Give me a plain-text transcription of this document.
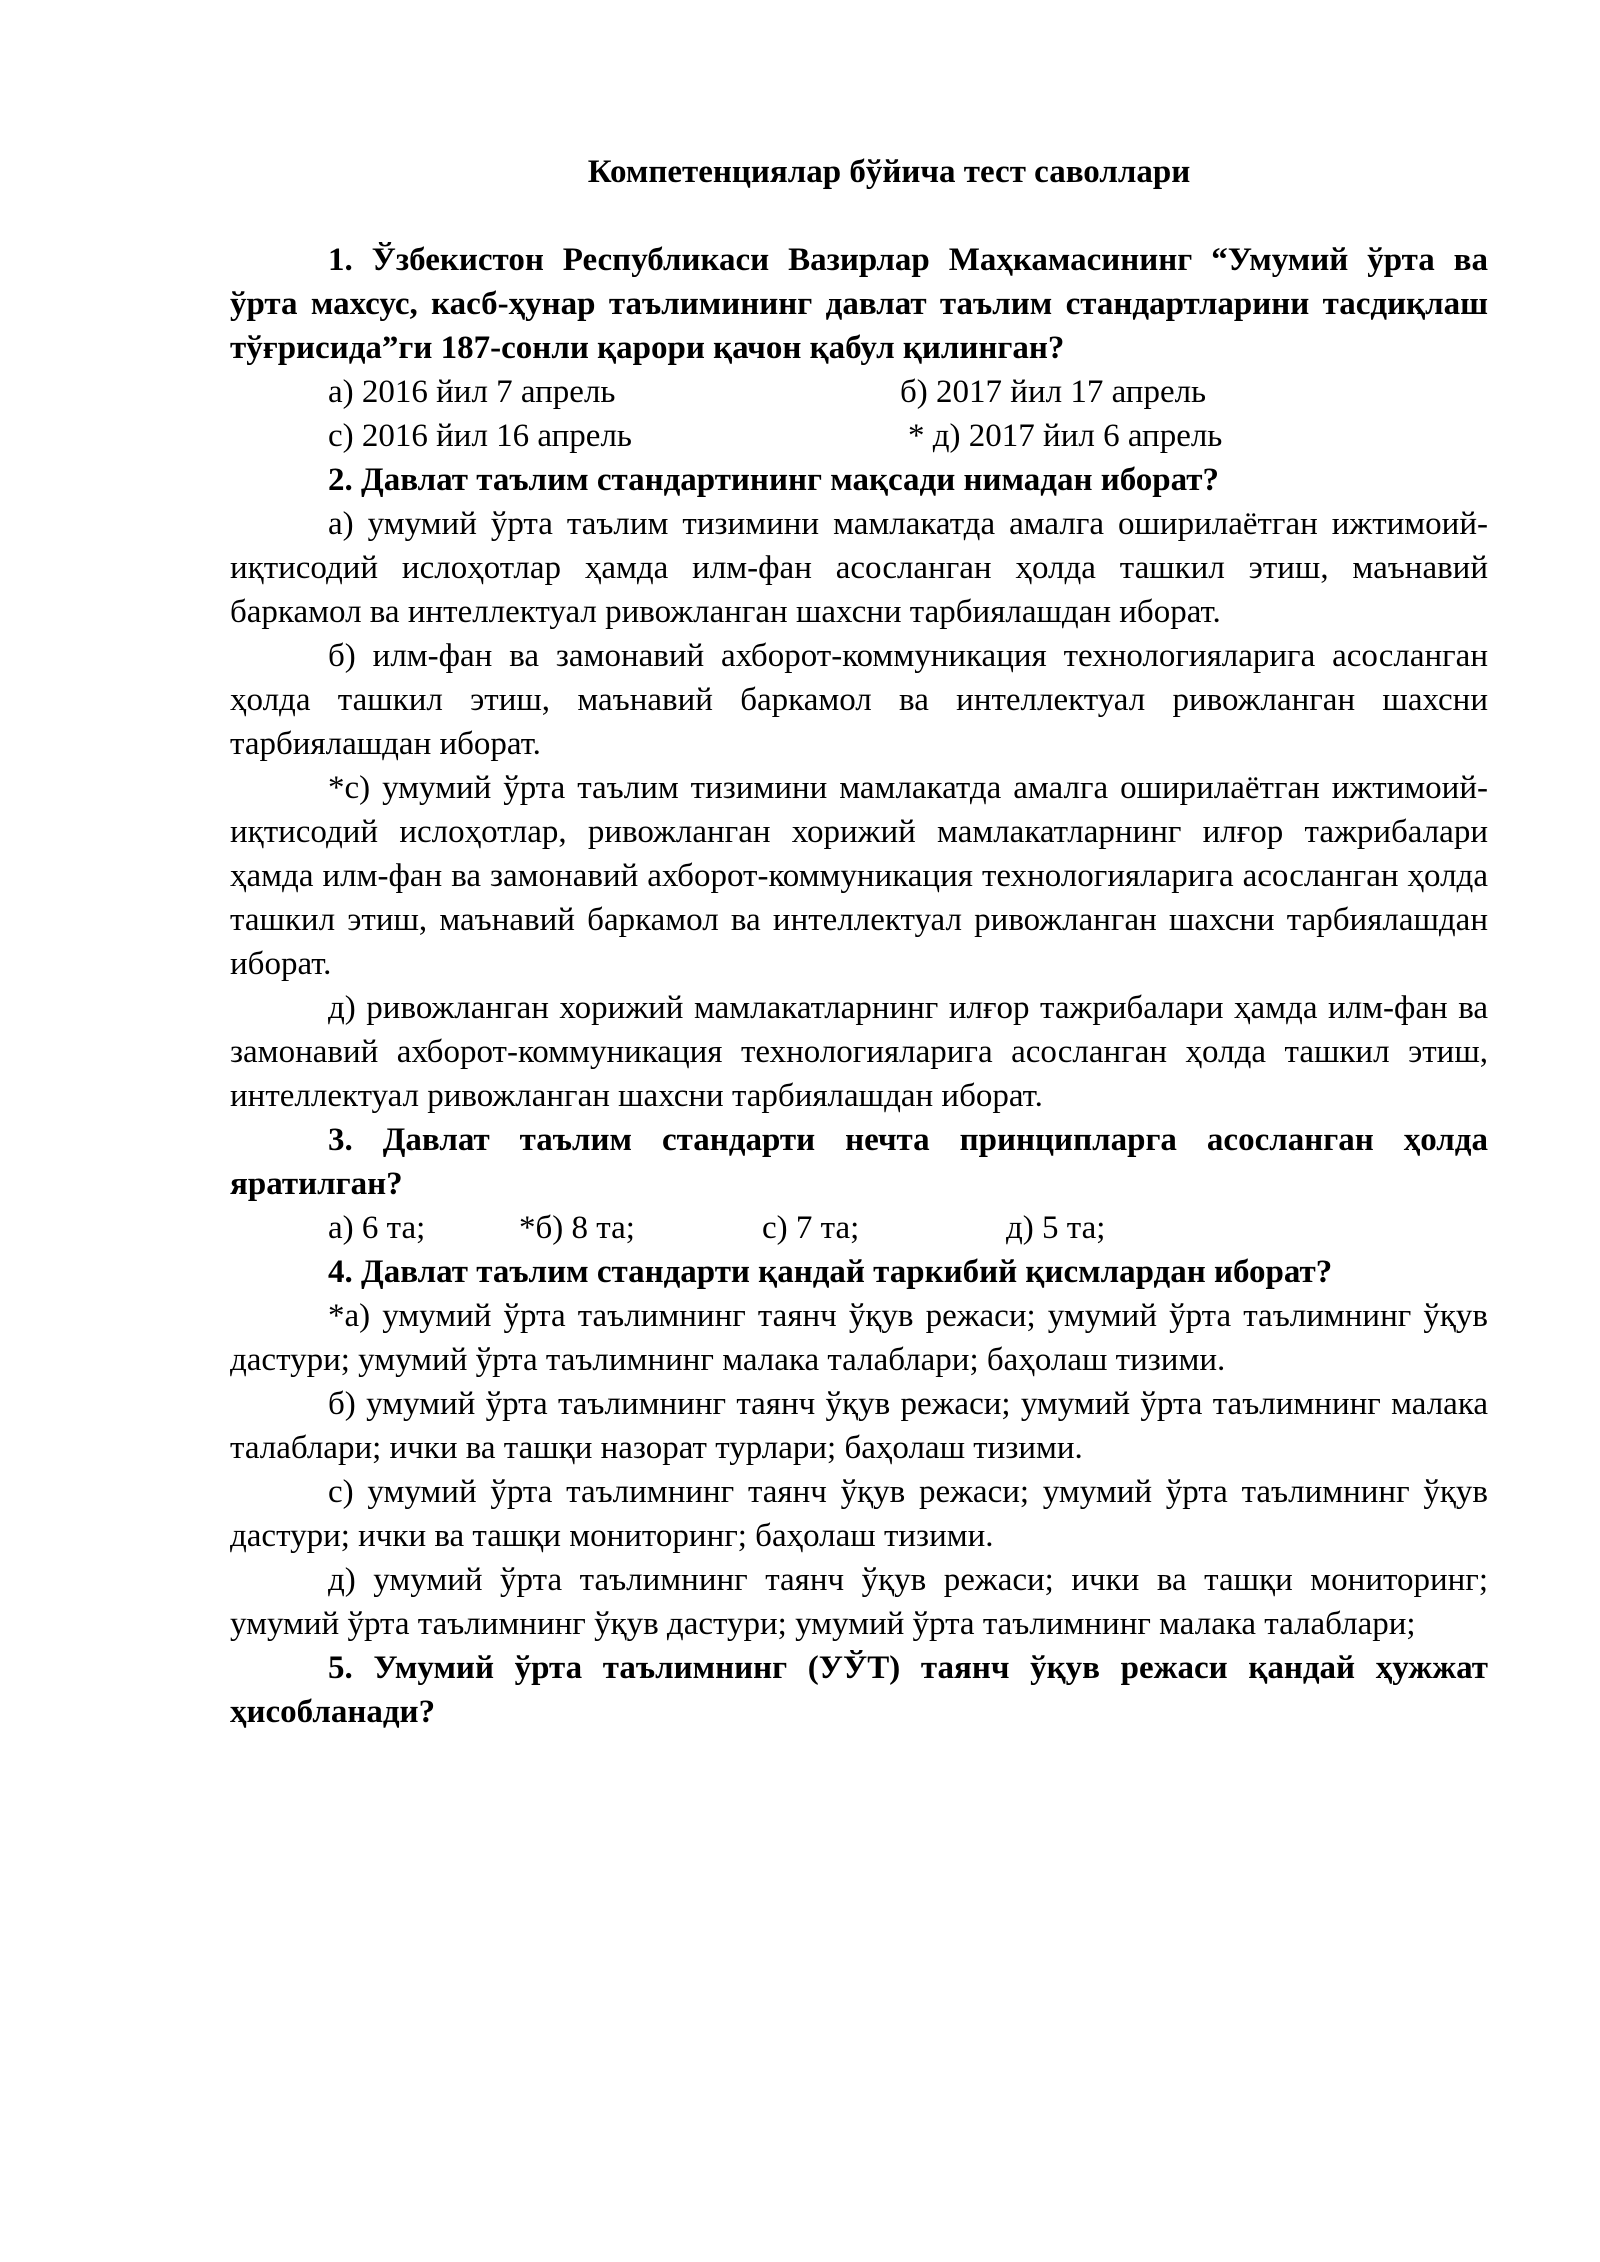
Компетенциялар бўйича тест саволлари

1. Ўзбекистон Республикаси Вазирлар Маҳкамасининг “Умумий ўрта ва ўрта махсус, касб-ҳунар таълимининг давлат таълим стандартларини тасдиқлаш тўғрисида”ги 187-сонли қарори қачон қабул қилинган?

а) 2016 йил 7 апрель	б) 2017 йил 17 апрель
с) 2016 йил 16 апрель	* д) 2017 йил 6 апрель

2. Давлат таълим стандартининг мақсади нимадан иборат?

а) умумий ўрта таълим тизимини мамлакатда амалга оширилаётган ижтимоий-иқтисодий ислоҳотлар ҳамда илм-фан асосланган ҳолда ташкил этиш, маънавий баркамол ва интеллектуал ривожланган шахсни тарбиялашдан иборат.

б) илм-фан ва замонавий ахборот-коммуникация технологияларига асосланган ҳолда ташкил этиш, маънавий баркамол ва интеллектуал ривожланган шахсни тарбиялашдан иборат.

*с) умумий ўрта таълим тизимини мамлакатда амалга оширилаётган ижтимоий-иқтисодий ислоҳотлар, ривожланган хорижий мамлакатларнинг илғор тажрибалари ҳамда илм-фан ва замонавий ахборот-коммуникация технологияларига асосланган ҳолда ташкил этиш, маънавий баркамол ва интеллектуал ривожланган шахсни тарбиялашдан иборат.

д) ривожланган хорижий мамлакатларнинг илғор тажрибалари ҳамда илм-фан ва замонавий ахборот-коммуникация технологияларига асосланган ҳолда ташкил этиш, интеллектуал ривожланган шахсни тарбиялашдан иборат.

3. Давлат таълим стандарти нечта принципларга асосланган ҳолда яратилган?

а) 6 та;	*б) 8 та;	с) 7 та;	д) 5 та;

4. Давлат таълим стандарти қандай таркибий қисмлардан иборат?

*а) умумий ўрта таълимнинг таянч ўқув режаси; умумий ўрта таълимнинг ўқув дастури; умумий ўрта таълимнинг малака талаблари; баҳолаш тизими.

б) умумий ўрта таълимнинг таянч ўқув режаси; умумий ўрта таълимнинг малака талаблари; ички ва ташқи назорат турлари; баҳолаш тизими.

с) умумий ўрта таълимнинг таянч ўқув режаси; умумий ўрта таълимнинг ўқув дастури; ички ва ташқи мониторинг; баҳолаш тизими.

д) умумий ўрта таълимнинг таянч ўқув режаси; ички ва ташқи мониторинг; умумий ўрта таълимнинг ўқув дастури; умумий ўрта таълимнинг малака талаблари;

5. Умумий ўрта таълимнинг (УЎТ) таянч ўқув режаси қандай ҳужжат ҳисобланади?
